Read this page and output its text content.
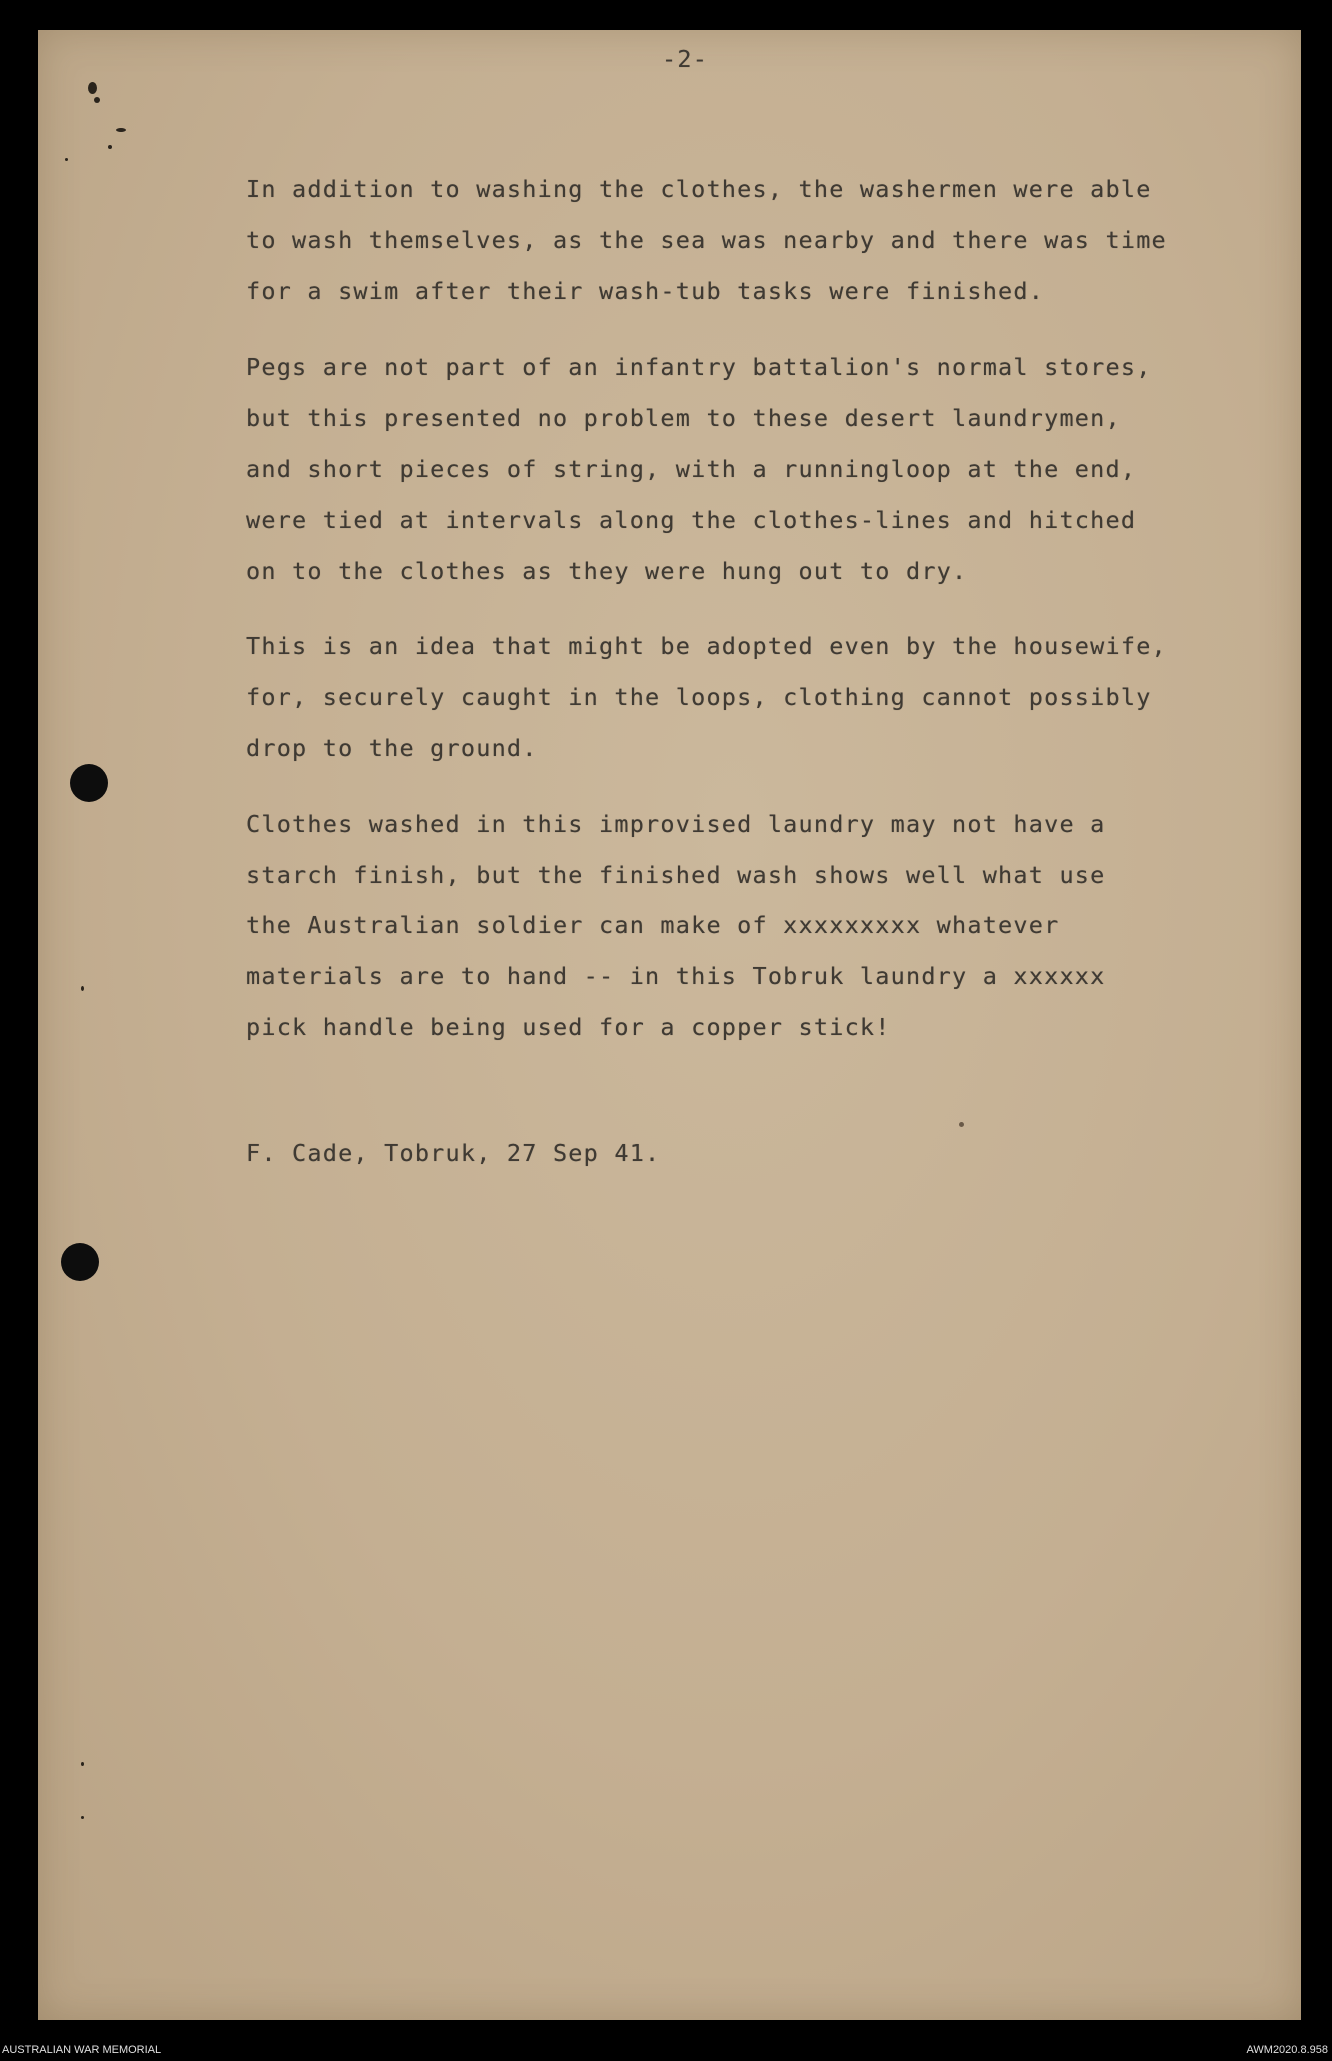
-2-
In addition to washing the clothes, the washermen were able
to wash themselves, as the sea was nearby and there was time
for a swim after their wash-tub tasks were finished.
Pegs are not part of an infantry battalion's normal stores,
but this presented no problem to these desert laundrymen,
and short pieces of string, with a runningloop at the end,
were tied at intervals along the clothes-lines and hitched
on to the clothes as they were hung out to dry.
This is an idea that might be adopted even by the housewife,
for, securely caught in the loops, clothing cannot possibly
drop to the ground.
Clothes washed in this improvised laundry may not have a
starch finish, but the finished wash shows well what use
the Australian soldier can make of xxxxxxxxx whatever
materials are to hand -- in this Tobruk laundry a xxxxxx
pick handle being used for a copper stick!
F. Cade, Tobruk, 27 Sep 41.
AUSTRALIAN WAR MEMORIAL	AWM2020.8.958
